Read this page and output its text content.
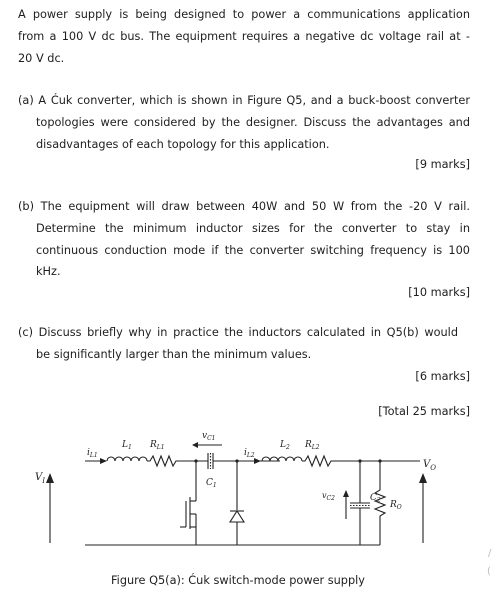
A power supply is being designed to power a communications application
from a 100 V dc bus. The equipment requires a negative dc voltage rail at -
20 V dc.
(a) A Ćuk converter, which is shown in Figure Q5, and a buck-boost converter
topologies were considered by the designer. Discuss the advantages and
disadvantages of each topology for this application.
[9 marks]
(b) The equipment will draw between 40W and 50 W from the -20 V rail.
Determine the minimum inductor sizes for the converter to stay in
continuous conduction mode if the converter switching frequency is 100
kHz.
[10 marks]
(c) Discuss briefly why in practice the inductors calculated in Q5(b) would
be significantly larger than the minimum values.
[6 marks]
[Total 25 marks]
$V_I$
$i_{L1}$
$L_1$ $R_{L1}$
$v_{C1}$
$C_1$
$i_{L2}$
$L_2$ $R_{L2}$
$C_2$
$v_{C2}$
$R_O$
$V_O$
Figure Q5(a): Ćuk switch-mode power supply
/
(
